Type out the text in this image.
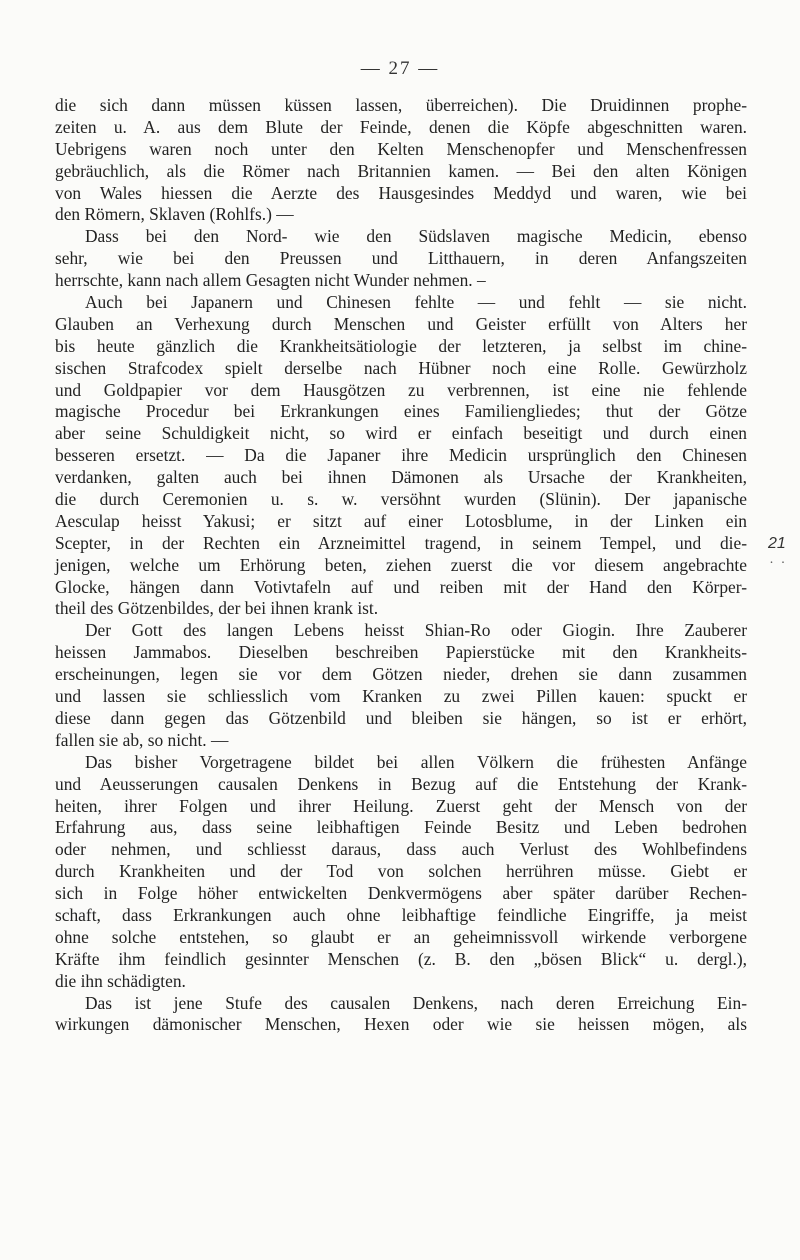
— 27 —
die sich dann müssen küssen lassen, überreichen). Die Druidinnen prophe-
zeiten u. A. aus dem Blute der Feinde, denen die Köpfe abgeschnitten waren.
Uebrigens waren noch unter den Kelten Menschenopfer und Menschenfressen
gebräuchlich, als die Römer nach Britannien kamen. — Bei den alten Königen
von Wales hiessen die Aerzte des Hausgesindes Meddyd und waren, wie bei
den Römern, Sklaven (Rohlfs.) —
Dass bei den Nord- wie den Südslaven magische Medicin, ebenso
sehr, wie bei den Preussen und Litthauern, in deren Anfangszeiten
herrschte, kann nach allem Gesagten nicht Wunder nehmen. –
Auch bei Japanern und Chinesen fehlte — und fehlt — sie nicht.
Glauben an Verhexung durch Menschen und Geister erfüllt von Alters her
bis heute gänzlich die Krankheitsätiologie der letzteren, ja selbst im chine-
sischen Strafcodex spielt derselbe nach Hübner noch eine Rolle. Gewürzholz
und Goldpapier vor dem Hausgötzen zu verbrennen, ist eine nie fehlende
magische Procedur bei Erkrankungen eines Familiengliedes; thut der Götze
aber seine Schuldigkeit nicht, so wird er einfach beseitigt und durch einen
besseren ersetzt. — Da die Japaner ihre Medicin ursprünglich den Chinesen
verdanken, galten auch bei ihnen Dämonen als Ursache der Krankheiten,
die durch Ceremonien u. s. w. versöhnt wurden (Slünin). Der japanische
Aesculap heisst Yakusi; er sitzt auf einer Lotosblume, in der Linken ein
Scepter, in der Rechten ein Arzneimittel tragend, in seinem Tempel, und die-
jenigen, welche um Erhörung beten, ziehen zuerst die vor diesem angebrachte
Glocke, hängen dann Votivtafeln auf und reiben mit der Hand den Körper-
theil des Götzenbildes, der bei ihnen krank ist.
Der Gott des langen Lebens heisst Shian-Ro oder Giogin. Ihre Zauberer
heissen Jammabos. Dieselben beschreiben Papierstücke mit den Krankheits-
erscheinungen, legen sie vor dem Götzen nieder, drehen sie dann zusammen
und lassen sie schliesslich vom Kranken zu zwei Pillen kauen: spuckt er
diese dann gegen das Götzenbild und bleiben sie hängen, so ist er erhört,
fallen sie ab, so nicht. —
Das bisher Vorgetragene bildet bei allen Völkern die frühesten Anfänge
und Aeusserungen causalen Denkens in Bezug auf die Entstehung der Krank-
heiten, ihrer Folgen und ihrer Heilung. Zuerst geht der Mensch von der
Erfahrung aus, dass seine leibhaftigen Feinde Besitz und Leben bedrohen
oder nehmen, und schliesst daraus, dass auch Verlust des Wohlbefindens
durch Krankheiten und der Tod von solchen herrühren müsse. Giebt er
sich in Folge höher entwickelten Denkvermögens aber später darüber Rechen-
schaft, dass Erkrankungen auch ohne leibhaftige feindliche Eingriffe, ja meist
ohne solche entstehen, so glaubt er an geheimnissvoll wirkende verborgene
Kräfte ihm feindlich gesinnter Menschen (z. B. den „bösen Blick“ u. dergl.),
die ihn schädigten.
Das ist jene Stufe des causalen Denkens, nach deren Erreichung Ein-
wirkungen dämonischer Menschen, Hexen oder wie sie heissen mögen, als
21
˙ ˙
